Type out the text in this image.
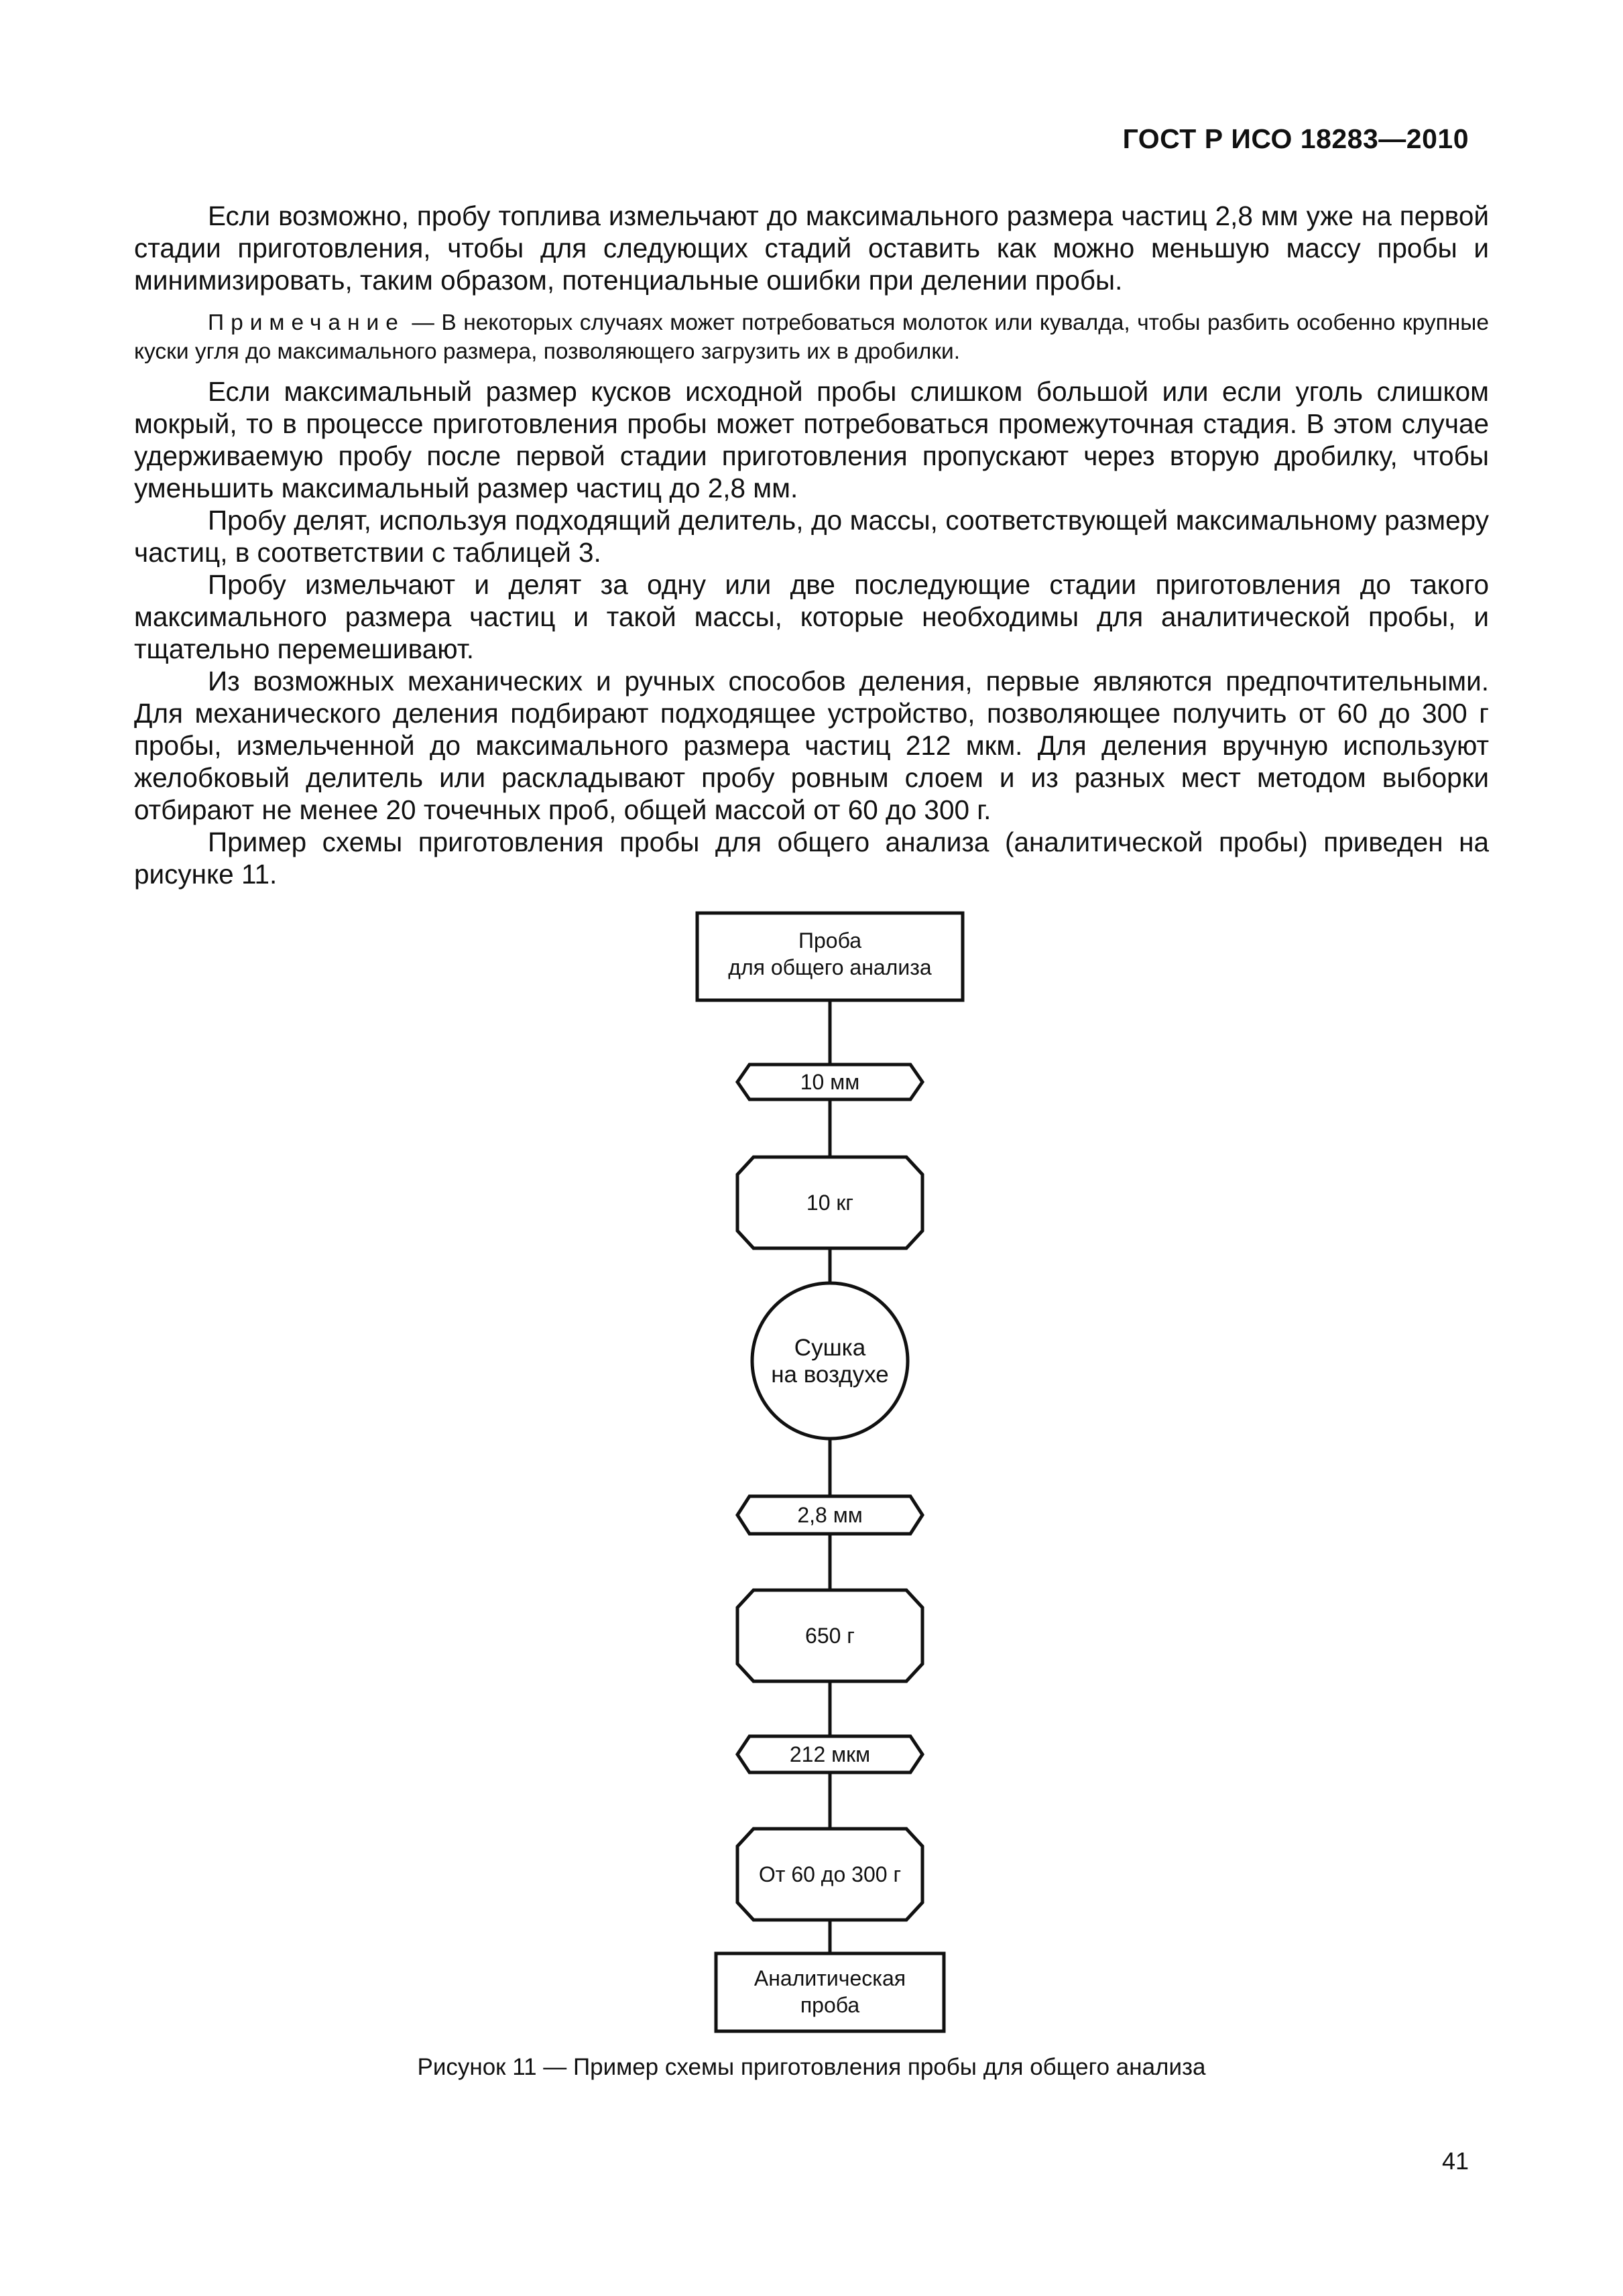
ГОСТ Р ИСО 18283—2010

Если возможно, пробу топлива измельчают до максимального размера частиц 2,8 мм уже на первой стадии приготовления, чтобы для следующих стадий оставить как можно меньшую массу пробы и минимизировать, таким образом, потенциальные ошибки при делении пробы.

Примечание — В некоторых случаях может потребоваться молоток или кувалда, чтобы разбить особенно крупные куски угля до максимального размера, позволяющего загрузить их в дробилки.

Если максимальный размер кусков исходной пробы слишком большой или если уголь слишком мокрый, то в процессе приготовления пробы может потребоваться промежуточная стадия. В этом случае удерживаемую пробу после первой стадии приготовления пропускают через вторую дробилку, чтобы уменьшить максимальный размер частиц до 2,8 мм.

Пробу делят, используя подходящий делитель, до массы, соответствующей максимальному размеру частиц, в соответствии с таблицей 3.

Пробу измельчают и делят за одну или две последующие стадии приготовления до такого максимального размера частиц и такой массы, которые необходимы для аналитической пробы, и тщательно перемешивают.

Из возможных механических и ручных способов деления, первые являются предпочтительными. Для механического деления подбирают подходящее устройство, позволяющее получить от 60 до 300 г пробы, измельченной до максимального размера частиц 212 мкм. Для деления вручную используют желобковый делитель или раскладывают пробу ровным слоем и из разных мест методом выборки отбирают не менее 20 точечных проб, общей массой от 60 до 300 г.

Пример схемы приготовления пробы для общего анализа (аналитической пробы) приведен на рисунке 11.

Проба
для общего анализа
10 мм
10 кг
Сушка
на воздухе
2,8 мм
650 г
212 мкм
От 60 до 300 г
Аналитическая
проба
Рисунок 11 — Пример схемы приготовления пробы для общего анализа
41
